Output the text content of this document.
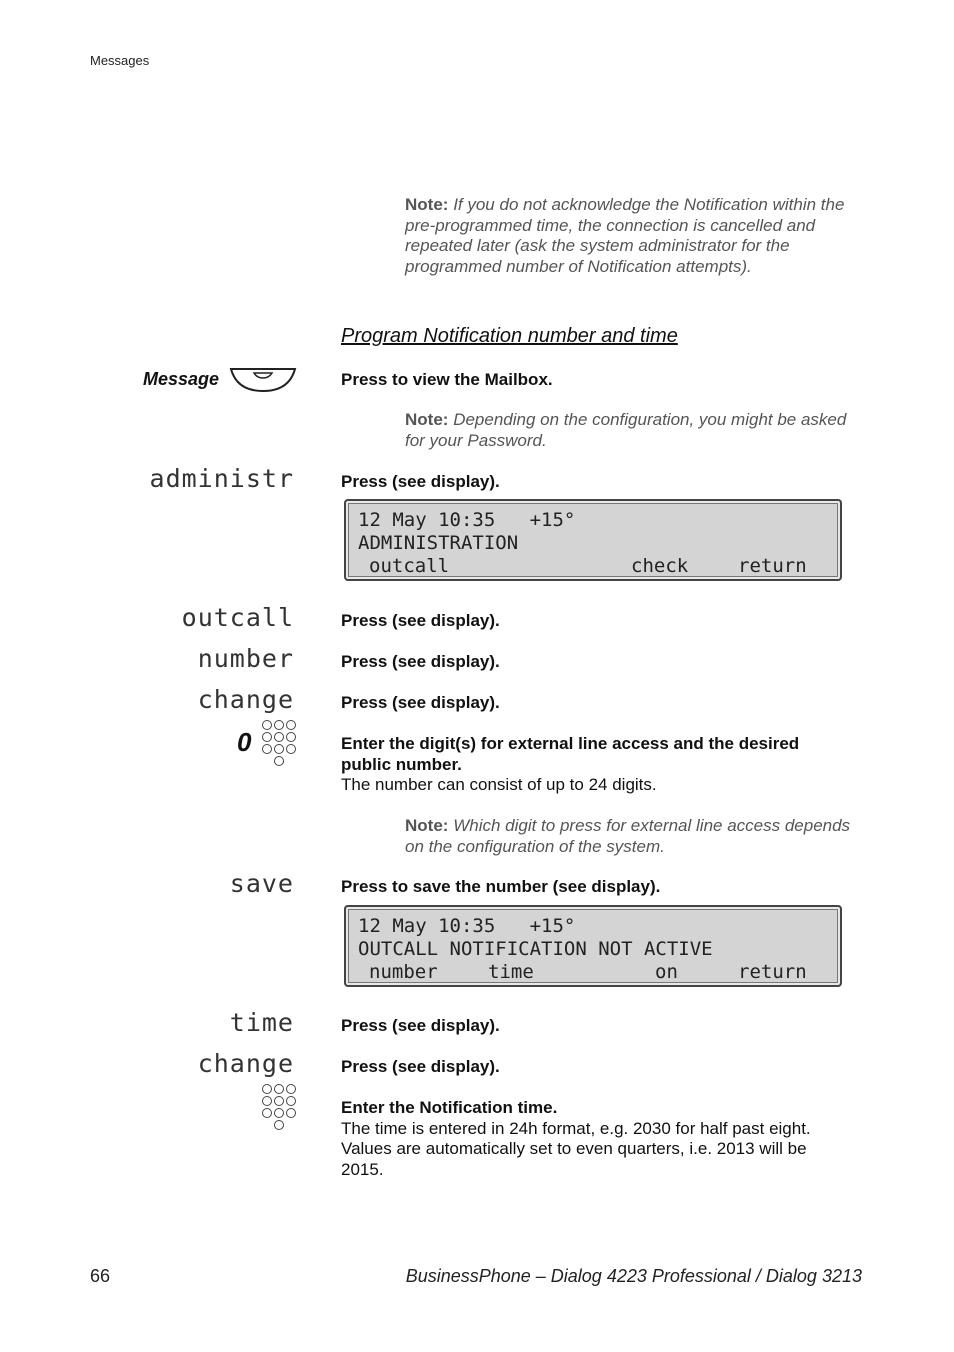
Messages
Note: If you do not acknowledge the Notification within the pre-programmed time, the connection is cancelled and repeated later (ask the system administrator for the programmed number of Notification attempts).
Program Notification number and time
Message	Press to view the Mailbox.
Note: Depending on the configuration, you might be asked for your Password.
administr	Press (see display).
12 May 10:35   +15°
ADMINISTRATION

outcall

	check

	return

outcall	Press (see display).
number	Press (see display).
change	Press (see display).
0	Enter the digit(s) for external line access and the desired public number.
The number can consist of up to 24 digits.
Note: Which digit to press for external line access depends on the configuration of the system.
save	Press to save the number (see display).
12 May 10:35   +15°
OUTCALL NOTIFICATION NOT ACTIVE

number

	time

	on

	return

time	Press (see display).
change	Press (see display).
Enter the Notification time.
The time is entered in 24h format, e.g. 2030 for half past eight. Values are automatically set to even quarters, i.e. 2013 will be 2015.
66	BusinessPhone – Dialog 4223 Professional / Dialog 3213
